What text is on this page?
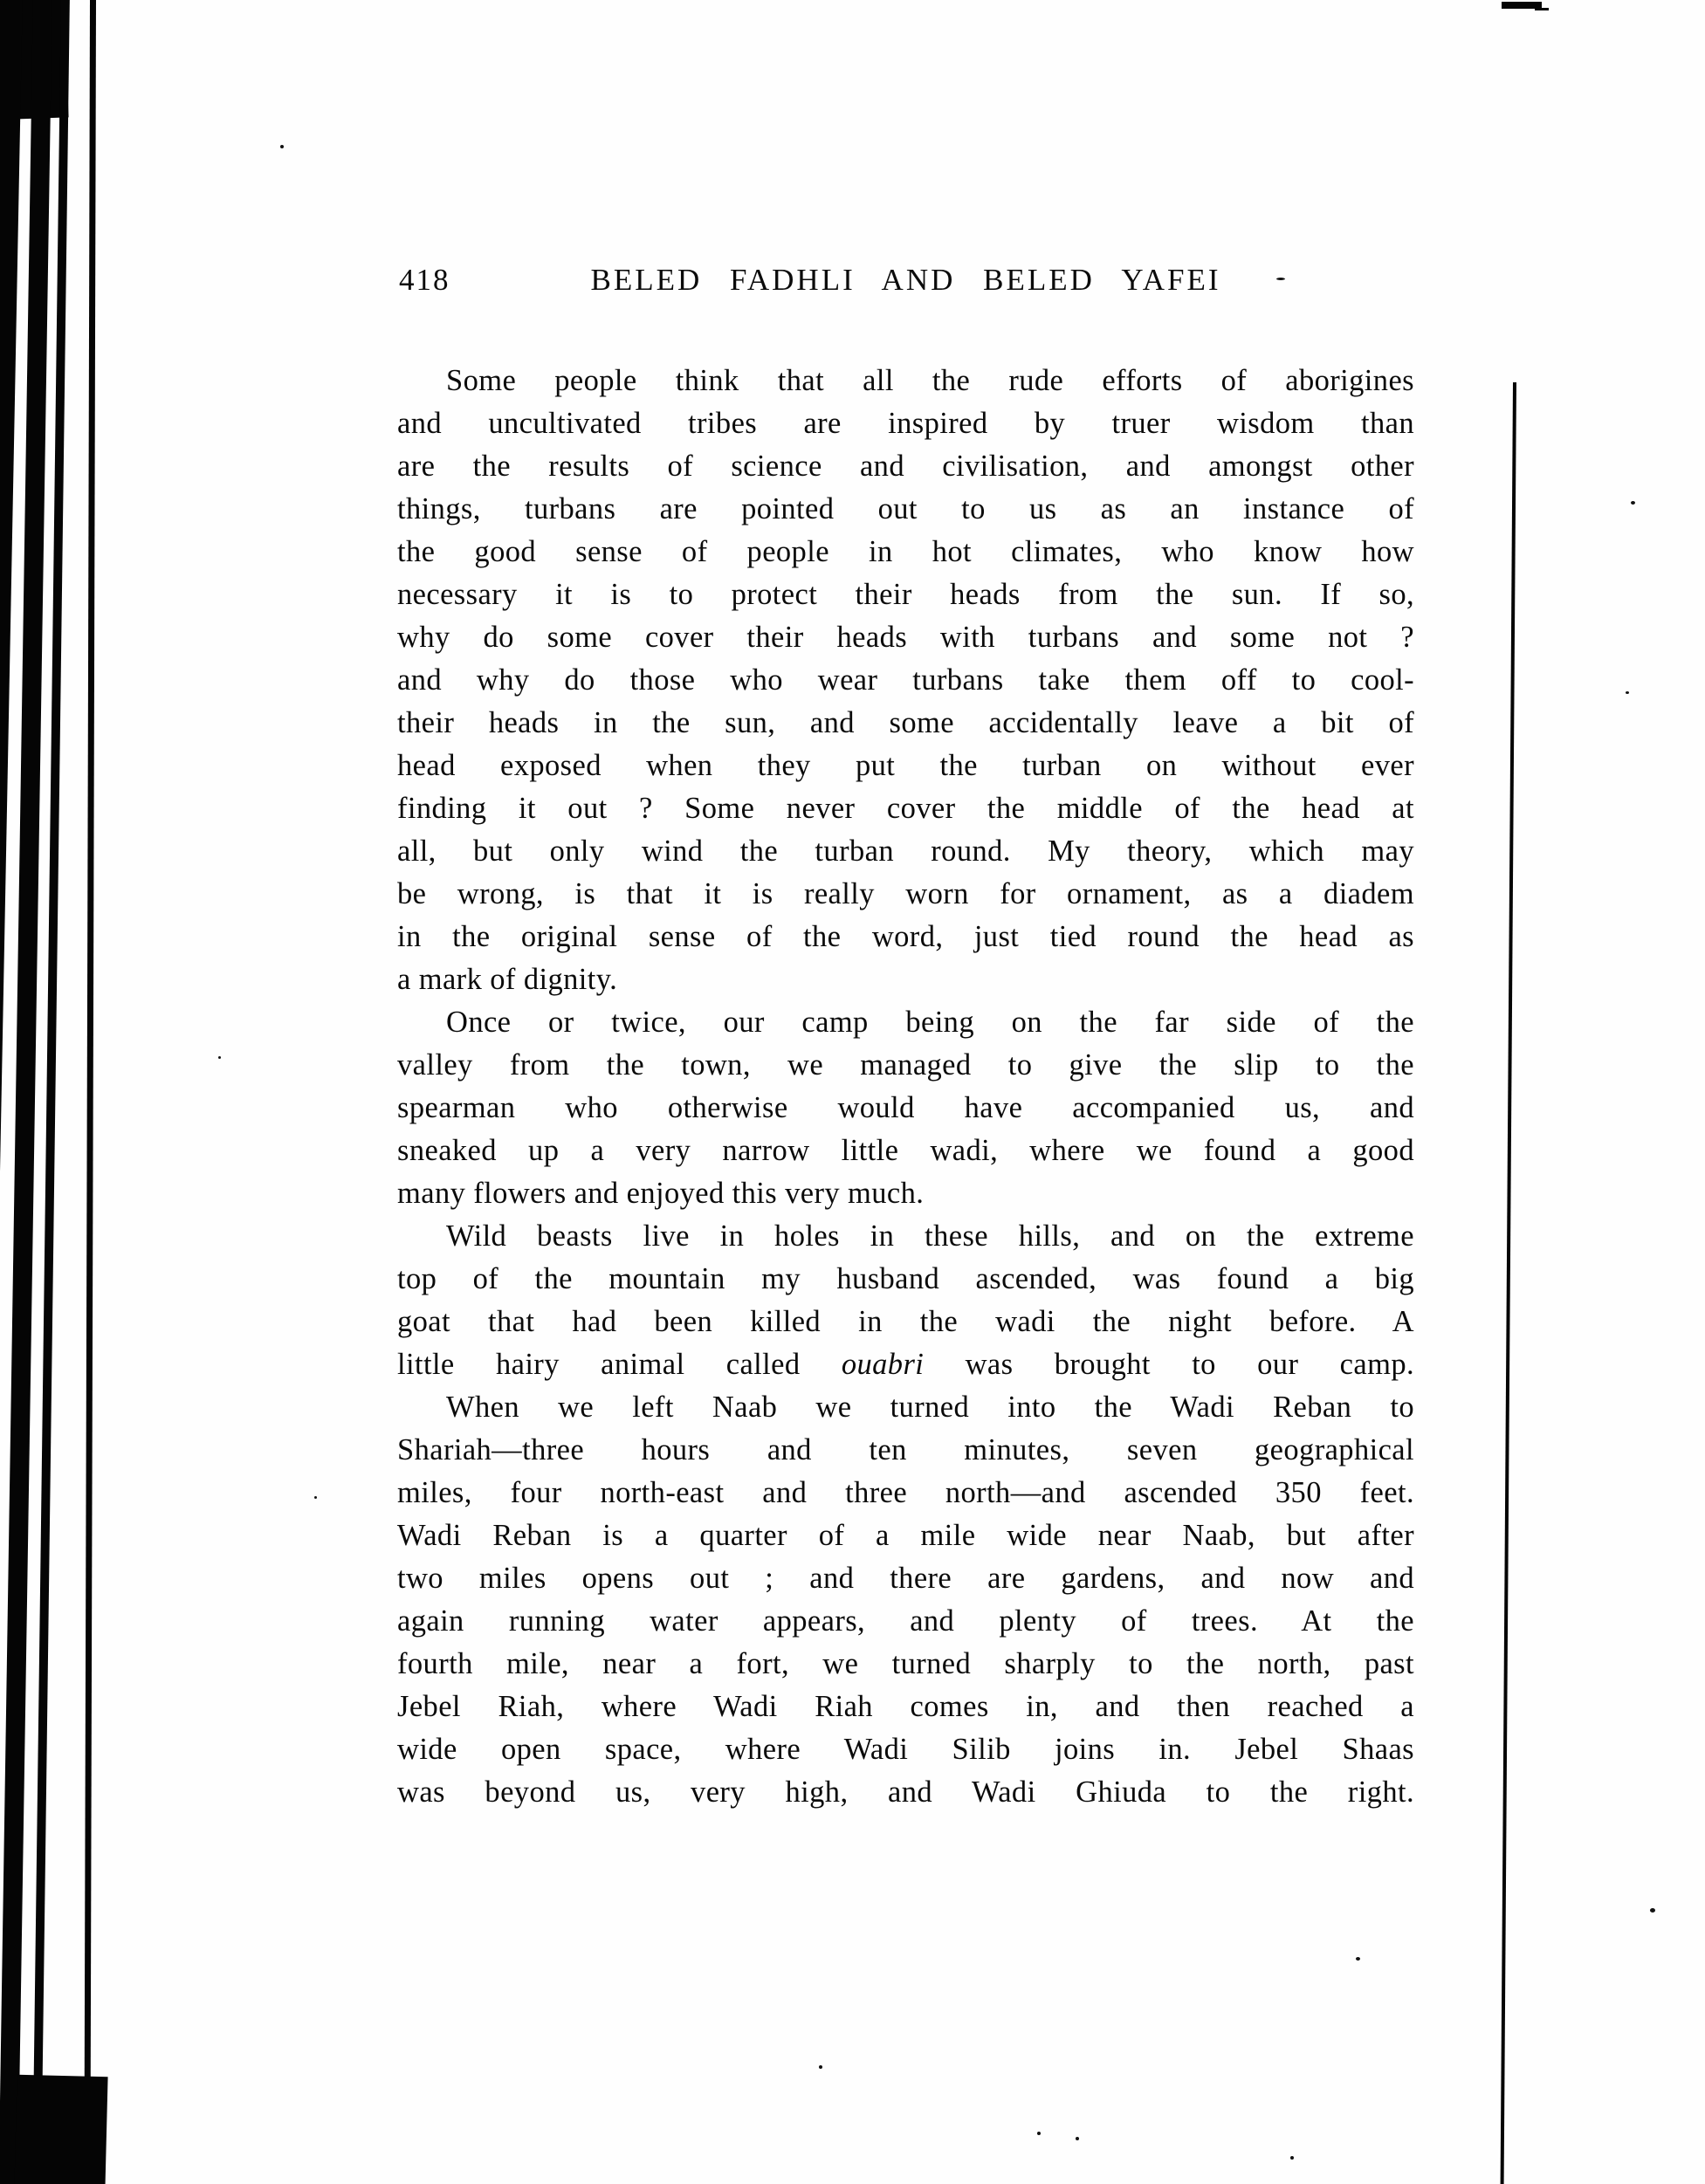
418	BELED FADHLI AND BELED YAFEI
Some people think that all the rude efforts of aborigines
and uncultivated tribes are inspired by truer wisdom than
are the results of science and civilisation, and amongst other
things, turbans are pointed out to us as an instance of
the good sense of people in hot climates, who know how
necessary it is to protect their heads from the sun. If so,
why do some cover their heads with turbans and some not ?
and why do those who wear turbans take them off to cool-
their heads in the sun, and some accidentally leave a bit of
head exposed when they put the turban on without ever
finding it out ? Some never cover the middle of the head at
all, but only wind the turban round. My theory, which may
be wrong, is that it is really worn for ornament, as a diadem
in the original sense of the word, just tied round the head as
a mark of dignity.
Once or twice, our camp being on the far side of the
valley from the town, we managed to give the slip to the
spearman who otherwise would have accompanied us, and
sneaked up a very narrow little wadi, where we found a good
many flowers and enjoyed this very much.
Wild beasts live in holes in these hills, and on the extreme
top of the mountain my husband ascended, was found a big
goat that had been killed in the wadi the night before. A
little hairy animal called ouabri was brought to our camp.
When we left Naab we turned into the Wadi Reban to
Shariah—three hours and ten minutes, seven geographical
miles, four north-east and three north—and ascended 350 feet.
Wadi Reban is a quarter of a mile wide near Naab, but after
two miles opens out ; and there are gardens, and now and
again running water appears, and plenty of trees. At the
fourth mile, near a fort, we turned sharply to the north, past
Jebel Riah, where Wadi Riah comes in, and then reached a
wide open space, where Wadi Silib joins in. Jebel Shaas
was beyond us, very high, and Wadi Ghiuda to the right.
